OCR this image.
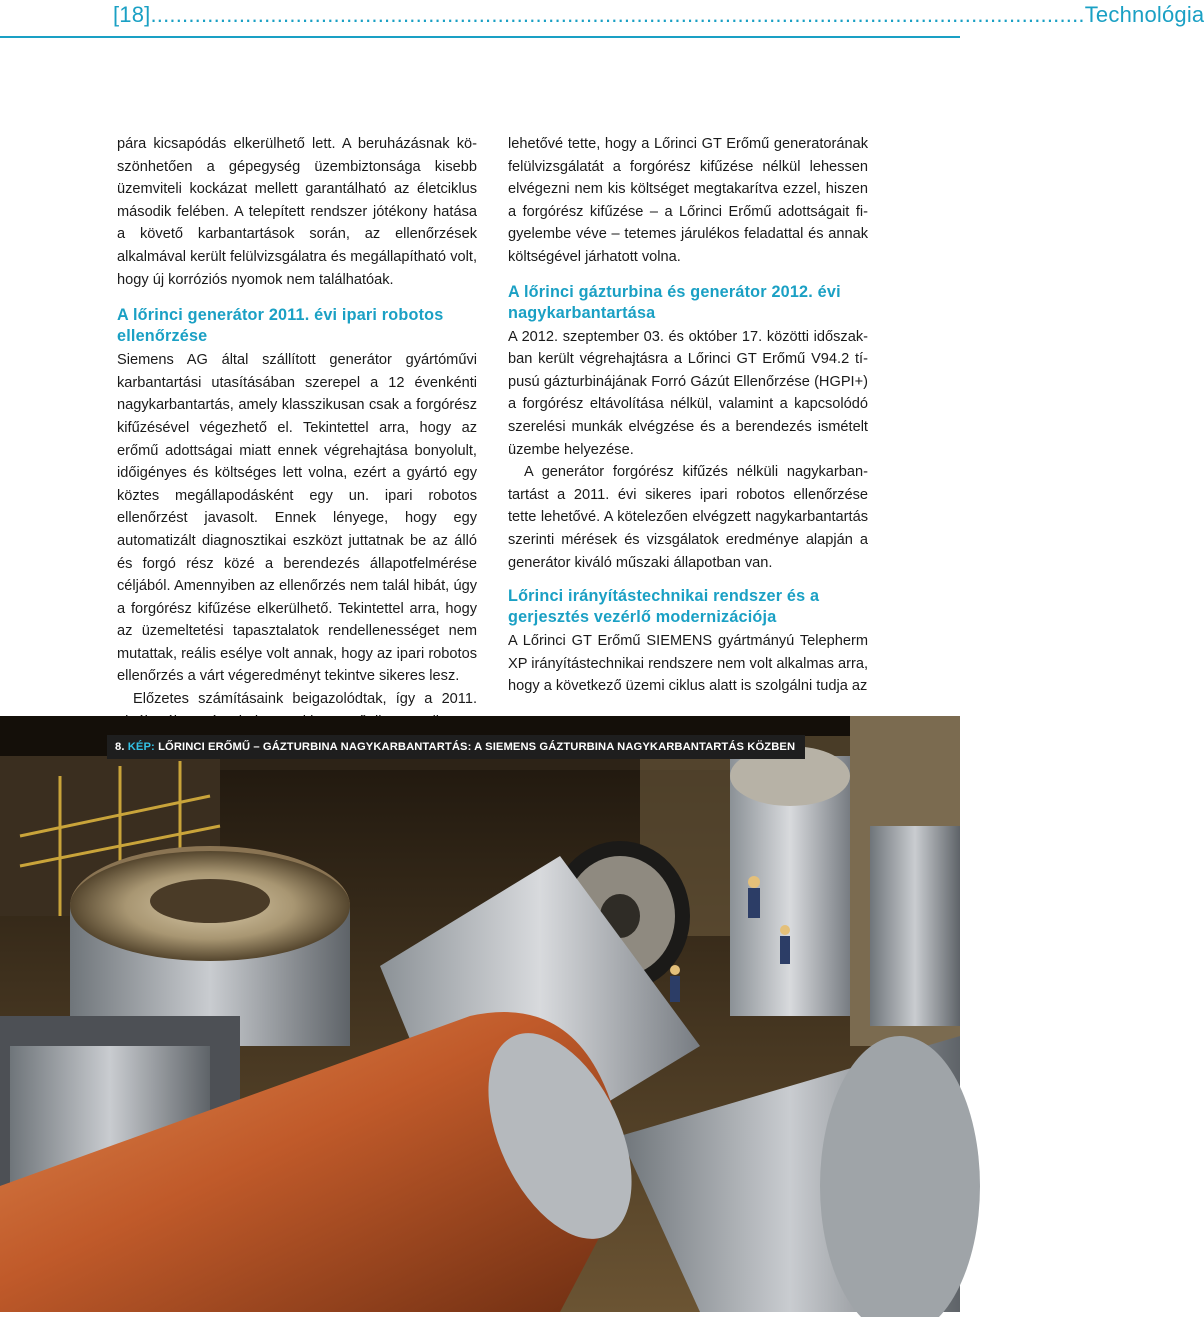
[18] .................................................................................................................................................... Technológia

pára kicsapódás elkerülhető lett. A beruházásnak köszönhetően a gépegység üzembiztonsága kisebb üzemviteli kockázat mellett garantálható az életciklus második felében. A telepített rendszer jótékony hatása a követő karbantartások során, az ellenőrzések alkalmával került felülvizsgálatra és megállapítható volt, hogy új korróziós nyomok nem találhatóak.

A lőrinci generátor 2011. évi ipari robotos ellenőrzése

Siemens AG által szállított generátor gyártóművi karbantartási utasításában szerepel a 12 évenkénti nagykarbantartás, amely klasszikusan csak a forgórész kifűzésével végezhető el. Tekintettel arra, hogy az erőmű adottságai miatt ennek végrehajtása bonyolult, időigényes és költséges lett volna, ezért a gyártó egy köztes megállapodásként egy un. ipari robotos ellenőrzést javasolt. Ennek lényege, hogy egy automatizált diagnosztikai eszközt juttatnak be az álló és forgó rész közé a berendezés állapotfelmérése céljából. Amennyiben az ellenőrzés nem talál hibát, úgy a forgórész kifűzése elkerülhető. Tekintettel arra, hogy az üzemeltetési tapasztalatok rendellenességet nem mutattak, reális esélye volt annak, hogy az ipari robotos ellenőrzés a várt végeredményt tekintve sikeres lesz.

Előzetes számításaink beigazolódtak, így a 2011.

lehetővé tette, hogy a Lőrinci GT Erőmű generatorának felülvizsgálatát a forgórész kifűzése nélkül lehessen elvégezni nem kis költséget megtakarítva ezzel, hiszen a forgórész kifűzése – a Lőrinci Erőmű adottságait figyelembe véve – tetemes járulékos feladattal és annak költségével járhatott volna.

A lőrinci gázturbina és generátor 2012. évi nagykarbantartása

A 2012. szeptember 03. és október 17. közötti időszakban került végrehajtásra a Lőrinci GT Erőmű V94.2 típusú gázturbinájának Forró Gázút Ellenőrzése (HGPI+) a forgórész eltávolítása nélkül, valamint a kapcsolódó szerelési munkák elvégzése és a berendezés ismételt üzembe helyezése.

A generátor forgórész kifűzés nélküli nagykarbantartást a 2011. évi sikeres ipari robotos ellenőrzése tette lehetővé. A kötelezően elvégzett nagykarbantartás szerinti mérések és vizsgálatok eredménye alapján a generátor kiváló műszaki állapotban van.

Lőrinci irányítástechnikai rendszer és a gerjesztés vezérlő modernizációja

A Lőrinci GT Erőmű SIEMENS gyártmányú Telepherm XP irányítástechnikai rendszere nem volt alkalmas arra, hogy a következő üzemi ciklus alatt is szolgálni tudja az

8. KÉP: LŐRINCI ERŐMŰ – GÁZTURBINA NAGYKARBANTARTÁS: A SIEMENS GÁZTURBINA NAGYKARBANTARTÁS KÖZBEN
